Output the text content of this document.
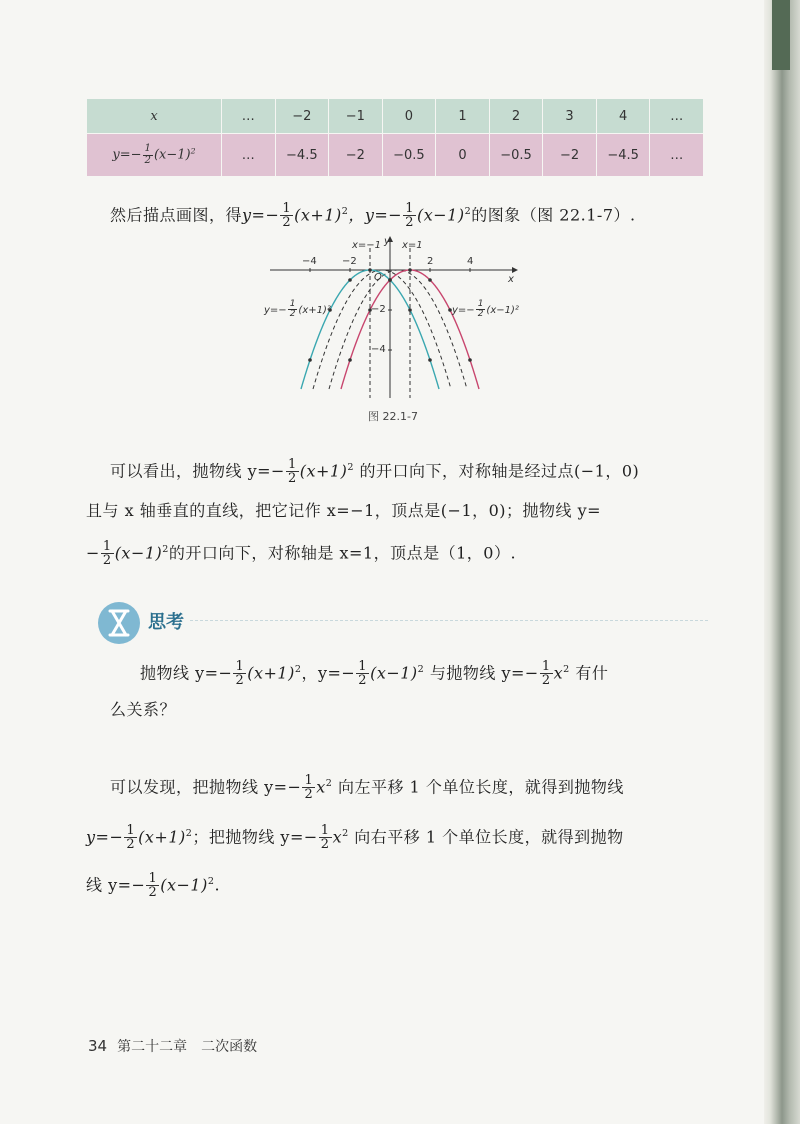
x	…	−2	−1	0	1	2	3	4	…
$y=- \frac{1}{2} (x-1)^2$	…	−4.5	−2	−0.5	0	−0.5	−2	−4.5	…
然后描点画图，得$y=- \frac{1}{2} (x+1)^2$，$y=- \frac{1}{2} (x-1)^2$的图象（图 22.1-7）.
x
y
O
−4	−2	2	4
−2
−4
x=−1 x=1
$y=- \frac{1}{2} (x+1)^2$	$y=- \frac{1}{2} (x-1)^2$
图 22.1-7
可以看出，抛物线 $y=- \frac{1}{2} (x+1)^2$ 的开口向下，对称轴是经过点(−1，0)
且与 x 轴垂直的直线，把它记作 x=−1，顶点是(−1，0)；抛物线 y=
− $\frac{1}{2} (x-1)^2$的开口向下，对称轴是 x=1，顶点是（1，0）.
思考
抛物线 $y=- \frac{1}{2} (x+1)^2$，$y=- \frac{1}{2} (x-1)^2$ 与抛物线 $y=- \frac{1}{2} x^2$ 有什
么关系？
可以发现，把抛物线 $y=- \frac{1}{2} x^2$ 向左平移 1 个单位长度，就得到抛物线
$y=- \frac{1}{2} (x+1)^2$；把抛物线 $y=- \frac{1}{2} x^2$ 向右平移 1 个单位长度，就得到抛物
线 $y=- \frac{1}{2} (x-1)^2$.
34 第二十二章　二次函数
